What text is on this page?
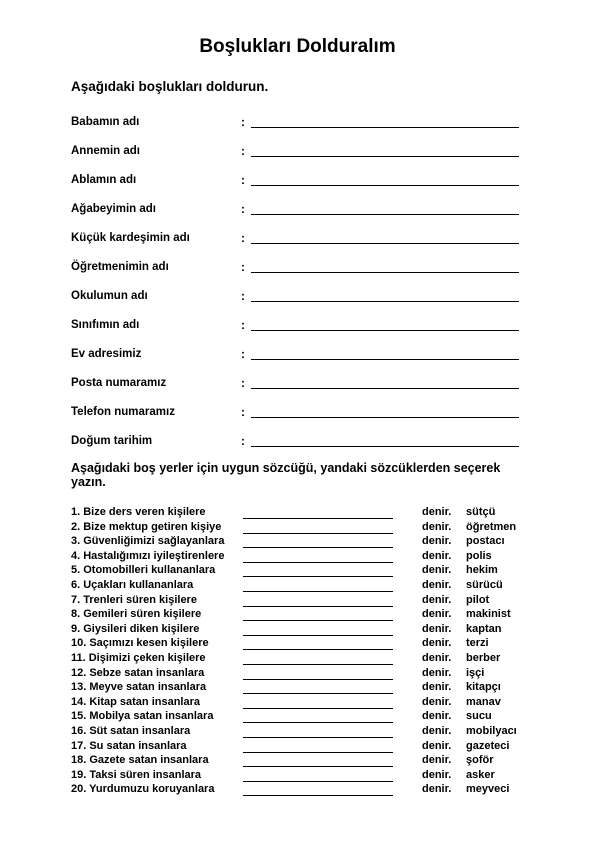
Boşlukları Dolduralım
Aşağıdaki boşlukları doldurun.
Babamın adı	:
Annemin adı	:
Ablamın adı	:
Ağabeyimin adı	:
Küçük kardeşimin adı	:
Öğretmenimin adı	:
Okulumun adı	:
Sınıfımın adı	:
Ev adresimiz	:
Posta numaramız	:
Telefon numaramız	:
Doğum tarihim	:
Aşağıdaki boş yerler için uygun sözcüğü, yandaki sözcüklerden seçerek yazın.
1. Bize ders veren kişilere	denir. sütçü
2. Bize mektup getiren kişiye	denir. öğretmen
3. Güvenliğimizi sağlayanlara	denir. postacı
4. Hastalığımızı iyileştirenlere	denir. polis
5. Otomobilleri kullananlara	denir. hekim
6. Uçakları kullananlara	denir. sürücü
7. Trenleri süren kişilere	denir. pilot
8. Gemileri süren kişilere	denir. makinist
9. Giysileri diken kişilere	denir. kaptan
10. Saçımızı kesen kişilere	denir. terzi
11. Dişimizi çeken kişilere	denir. berber
12. Sebze satan insanlara	denir. işçi
13. Meyve satan insanlara	denir. kitapçı
14. Kitap satan insanlara	denir. manav
15. Mobilya satan insanlara	denir. sucu
16. Süt satan insanlara	denir. mobilyacı
17. Su satan insanlara	denir. gazeteci
18. Gazete satan insanlara	denir. şoför
19. Taksi süren insanlara	denir. asker
20. Yurdumuzu koruyanlara	denir. meyveci
